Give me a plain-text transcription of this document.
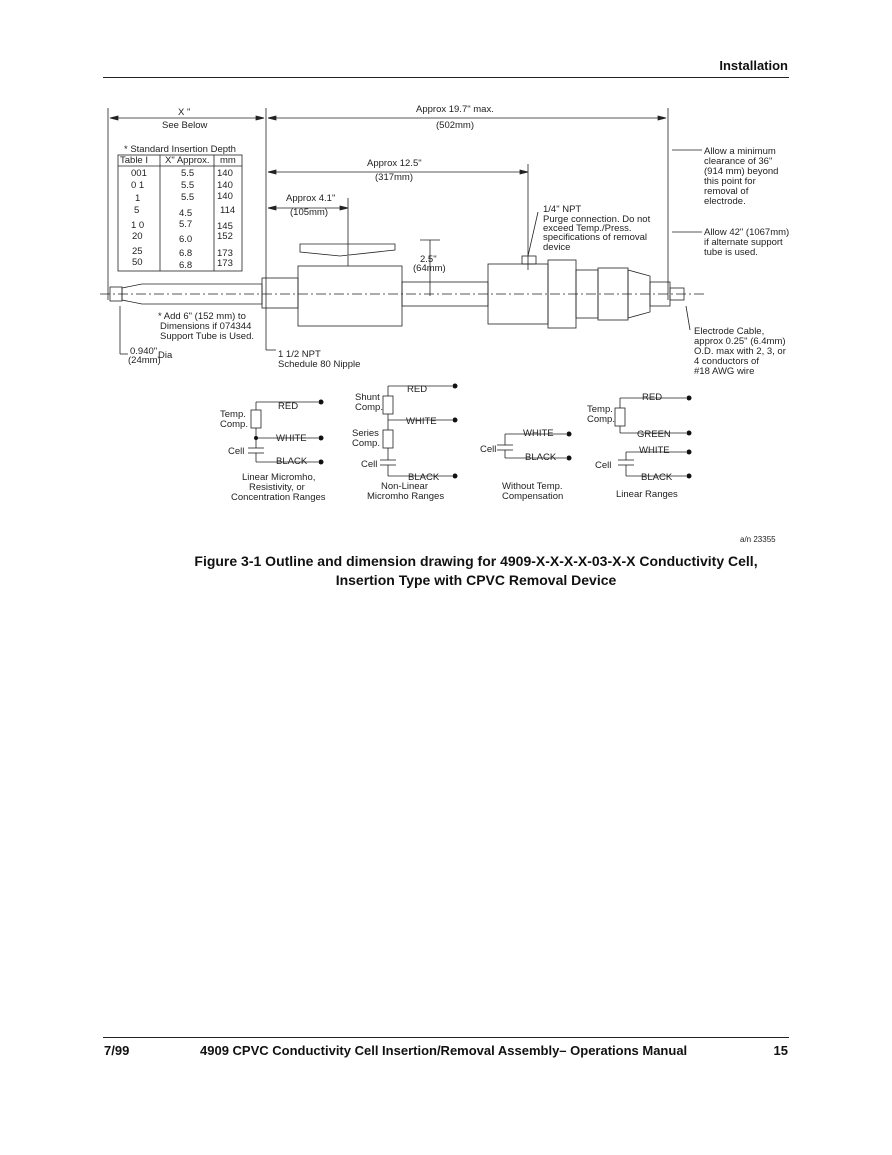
Installation
X "
See Below
Approx 19.7" max.
(502mm)
Approx 12.5"
(317mm)
Approx 4.1"
(105mm)
2.5"
(64mm)
* Standard Insertion Depth
Table I X" Approx. mm
001	5.5 140
0 1	5.5 140
1	5.5 140
5	4.5	114
1 0	5.7	145
20	6.0	152
25	6.8	173
50	6.8	173
* Add 6" (152 mm) to
Dimensions if 074344
Support Tube is Used.
0.940"
(24mm)
Dia	1 1/2 NPT
Schedule 80 Nipple
1/4" NPT
Purge connection. Do not
exceed Temp./Press.
specifications of removal
device
Allow a minimum
clearance of 36"
(914 mm) beyond
this point for
removal of
electrode.
Allow 42" (1067mm)
if alternate support
tube is used.
Electrode Cable,
approx 0.25" (6.4mm)
O.D. max with 2, 3, or
4 conductors of
#18 AWG wire
Temp.
Comp.
Cell
RED
WHITE
BLACK
Linear Micromho,
Resistivity, or
Concentration Ranges
Shunt
Comp.
Series
Comp.
Cell
RED
WHITE
BLACK
Non-Linear
Micromho Ranges
Cell
WHITE
BLACK
Without Temp.
Compensation
Temp.
Comp.
Cell
RED
GREEN
WHITE
BLACK
Linear Ranges
a/n 23355
Figure 3-1 Outline and dimension drawing for 4909-X-X-X-X-03-X-X Conductivity Cell,
Insertion Type with CPVC Removal Device
7/99	4909 CPVC Conductivity Cell Insertion/Removal Assembly– Operations Manual	15
